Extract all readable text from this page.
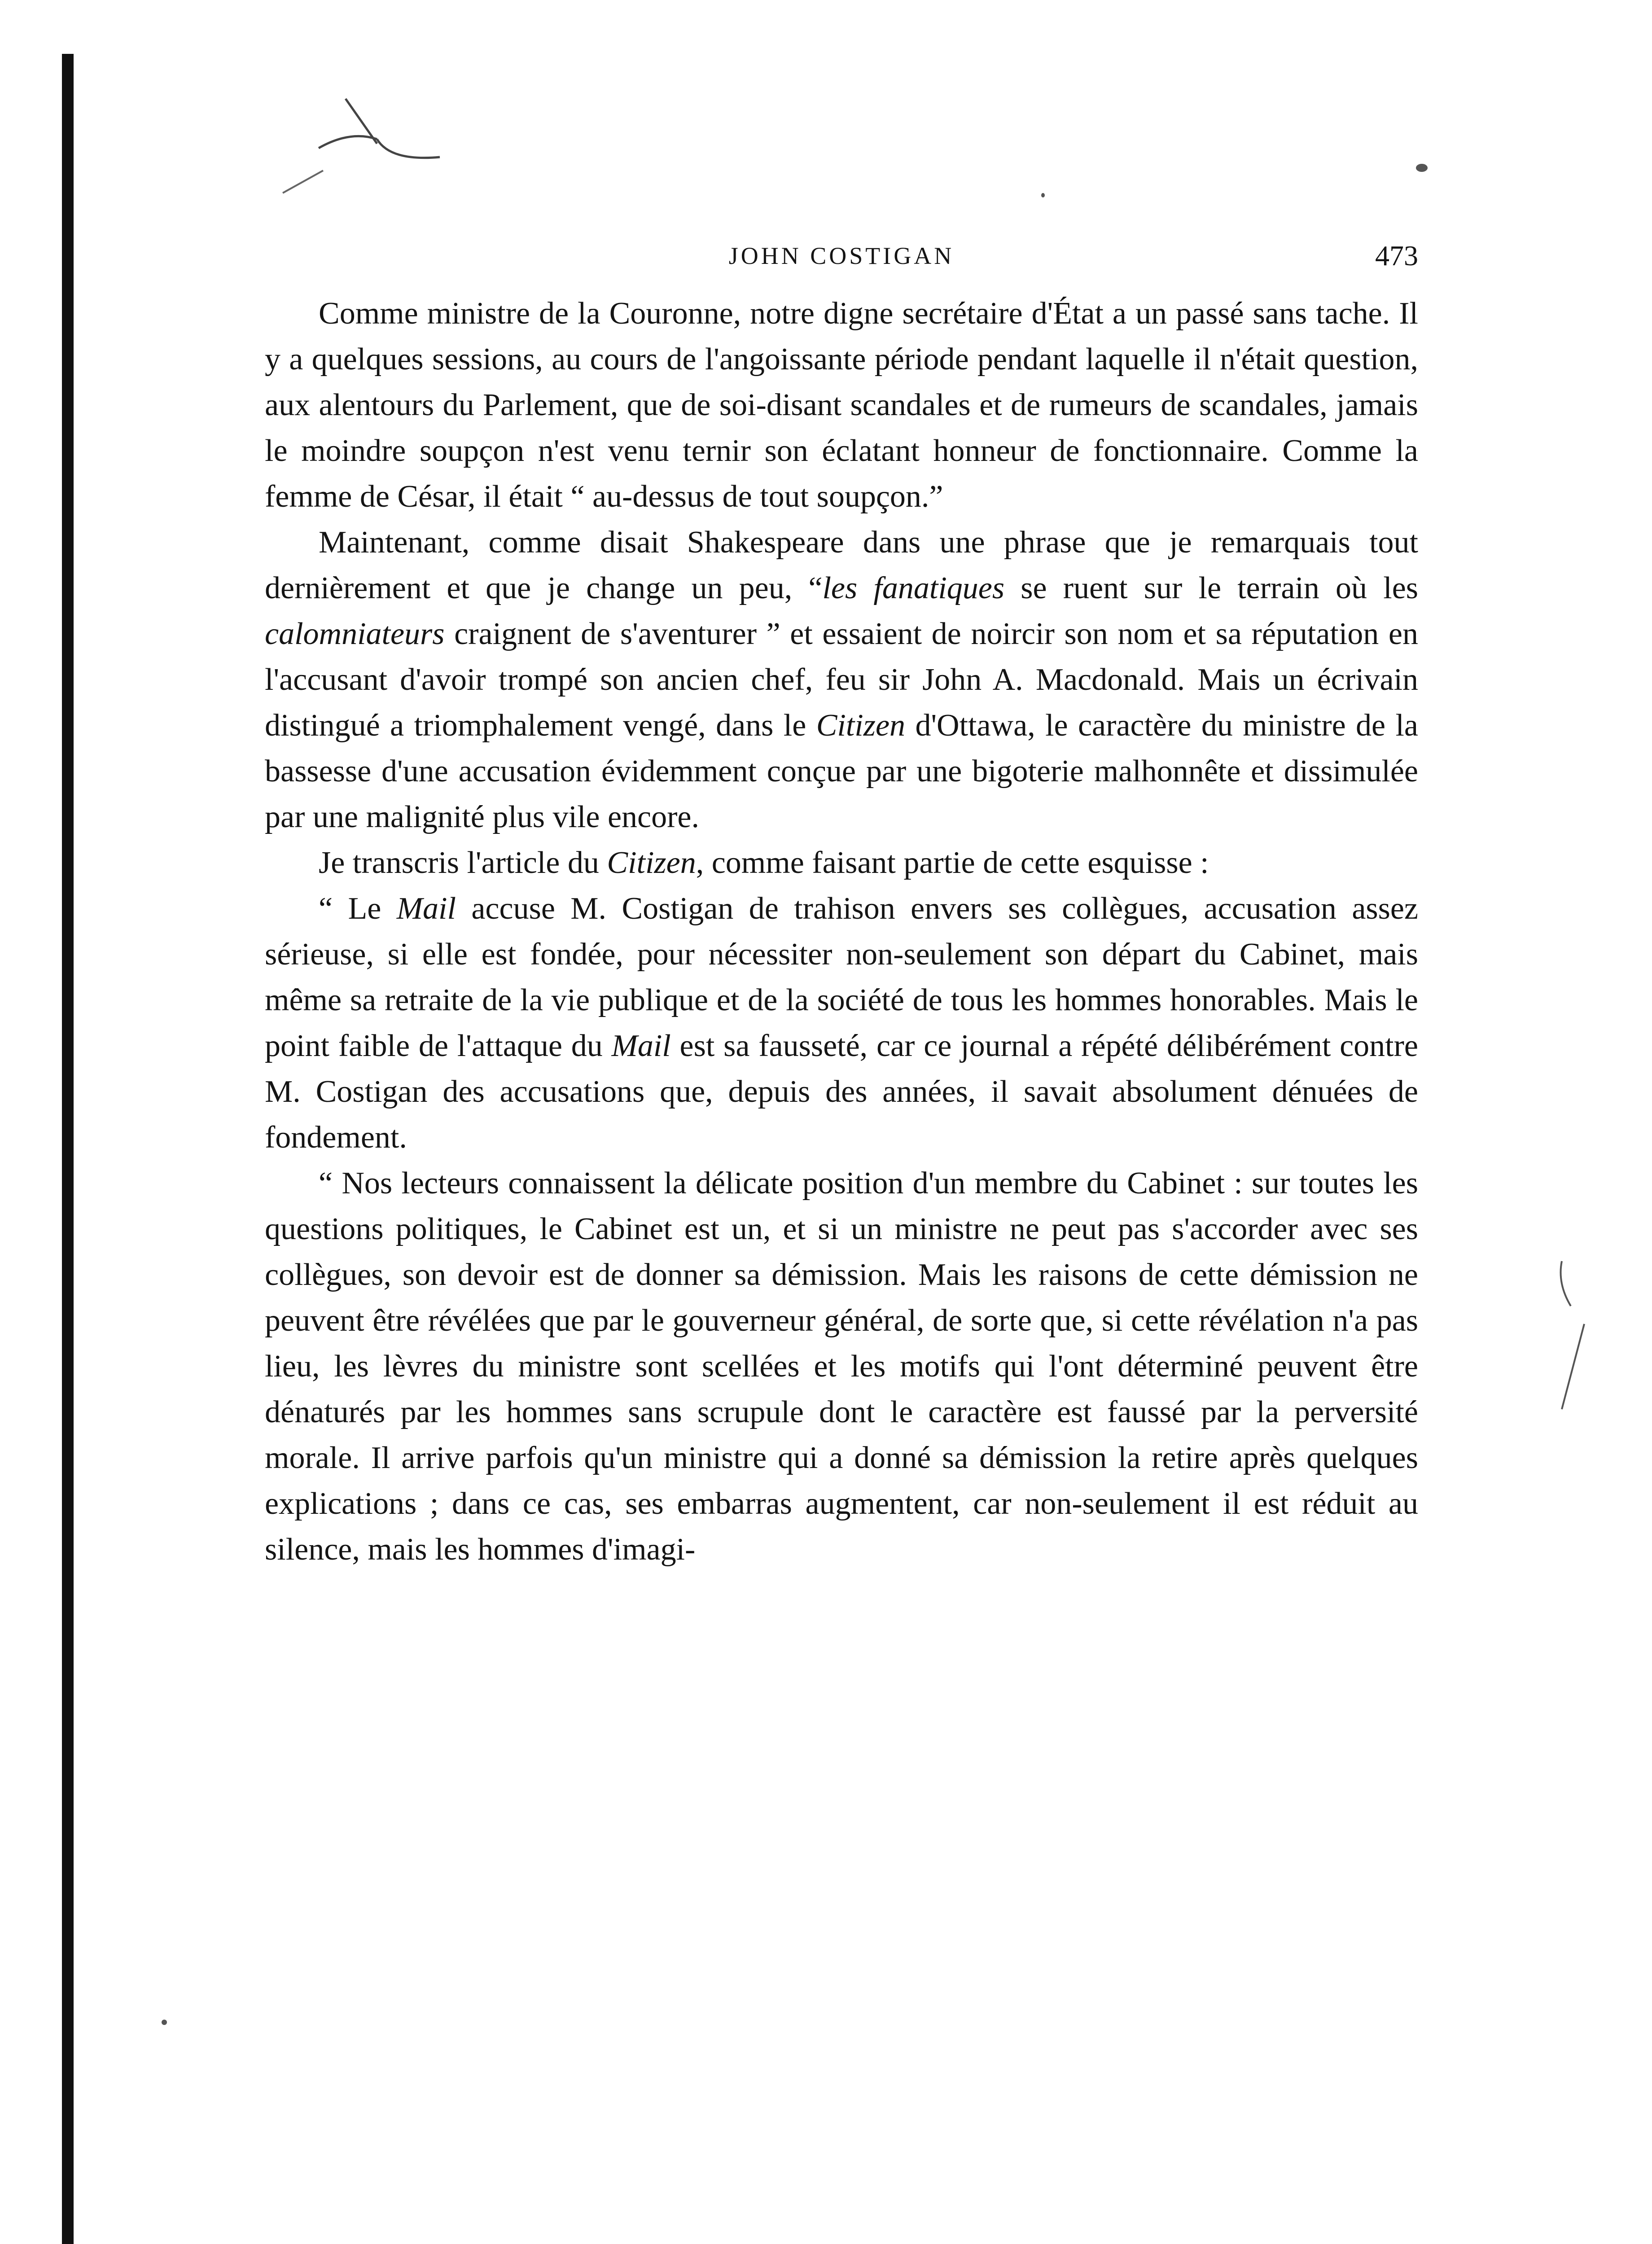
JOHN COSTIGAN	473

Comme ministre de la Couronne, notre digne secrétaire d'État a un passé sans tache. Il y a quelques sessions, au cours de l'angoissante période pendant laquelle il n'était question, aux alentours du Parlement, que de soi-disant scandales et de rumeurs de scandales, jamais le moindre soupçon n'est venu ternir son éclatant honneur de fonctionnaire. Comme la femme de César, il était “ au-dessus de tout soupçon.”

Maintenant, comme disait Shakespeare dans une phrase que je remarquais tout dernièrement et que je change un peu, “les fanatiques se ruent sur le terrain où les calomniateurs craignent de s'aventurer ” et essaient de noircir son nom et sa réputation en l'accusant d'avoir trompé son ancien chef, feu sir John A. Macdonald. Mais un écrivain distingué a triomphalement vengé, dans le Citizen d'Ottawa, le caractère du ministre de la bassesse d'une accusation évidemment conçue par une bigoterie malhonnête et dissimulée par une malignité plus vile encore.

Je transcris l'article du Citizen, comme faisant partie de cette esquisse :

“ Le Mail accuse M. Costigan de trahison envers ses collègues, accusation assez sérieuse, si elle est fondée, pour nécessiter non-seulement son départ du Cabinet, mais même sa retraite de la vie publique et de la société de tous les hommes honorables. Mais le point faible de l'attaque du Mail est sa fausseté, car ce journal a répété délibérément contre M. Costigan des accusations que, depuis des années, il savait absolument dénuées de fondement.

“ Nos lecteurs connaissent la délicate position d'un membre du Cabinet : sur toutes les questions politiques, le Cabinet est un, et si un ministre ne peut pas s'accorder avec ses collègues, son devoir est de donner sa démission. Mais les raisons de cette démission ne peuvent être révélées que par le gouverneur général, de sorte que, si cette révélation n'a pas lieu, les lèvres du ministre sont scellées et les motifs qui l'ont déterminé peuvent être dénaturés par les hommes sans scrupule dont le caractère est faussé par la perversité morale. Il arrive parfois qu'un ministre qui a donné sa démission la retire après quelques explications ; dans ce cas, ses embarras augmentent, car non-seulement il est réduit au silence, mais les hommes d'imagi-
